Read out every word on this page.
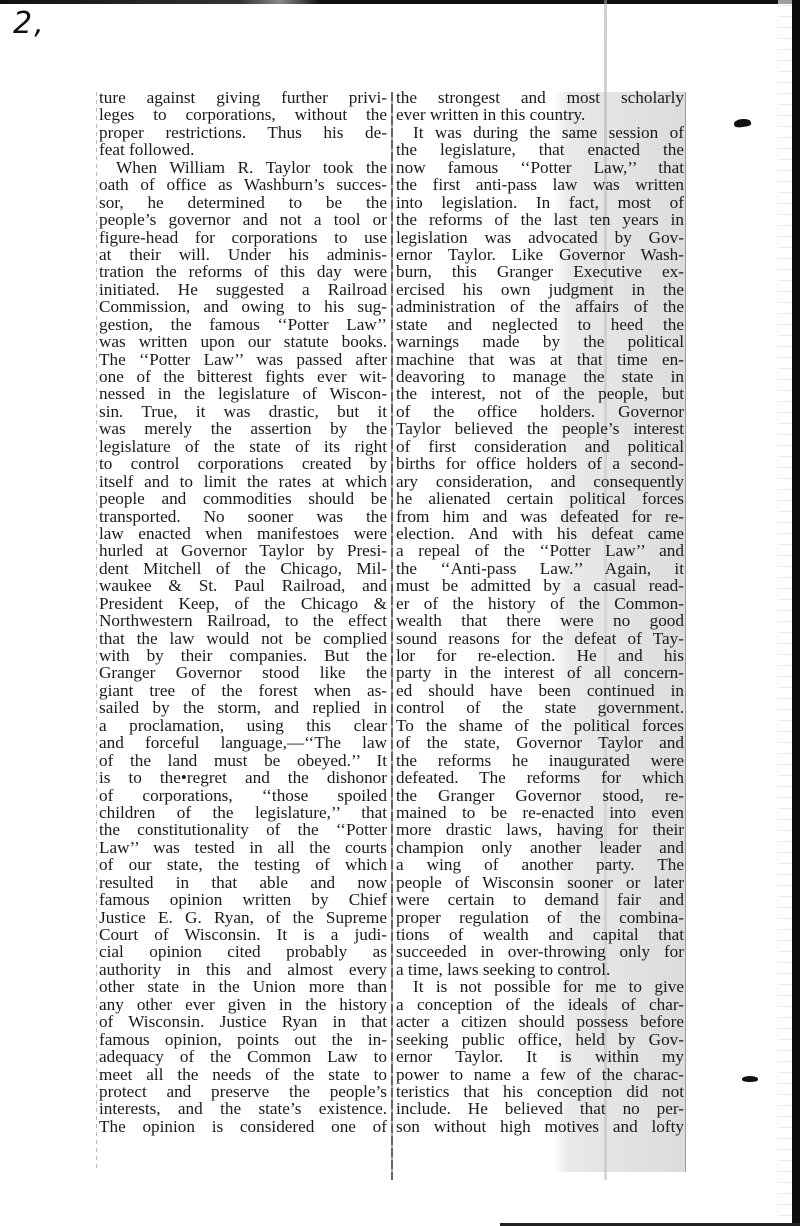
2,
ture against giving further privi-
leges to corporations, without the
proper restrictions. Thus his de-
feat followed.
When William R. Taylor took the
oath of office as Washburn’s succes-
sor, he determined to be the
people’s governor and not a tool or
figure-head for corporations to use
at their will. Under his adminis-
tration the reforms of this day were
initiated. He suggested a Railroad
Commission, and owing to his sug-
gestion, the famous ‘‘Potter Law’’
was written upon our statute books.
The ‘‘Potter Law’’ was passed after
one of the bitterest fights ever wit-
nessed in the legislature of Wiscon-
sin. True, it was drastic, but it
was merely the assertion by the
legislature of the state of its right
to control corporations created by
itself and to limit the rates at which
people and commodities should be
transported. No sooner was the
law enacted when manifestoes were
hurled at Governor Taylor by Presi-
dent Mitchell of the Chicago, Mil-
waukee & St. Paul Railroad, and
President Keep, of the Chicago &
Northwestern Railroad, to the effect
that the law would not be complied
with by their companies. But the
Granger Governor stood like the
giant tree of the forest when as-
sailed by the storm, and replied in
a proclamation, using this clear
and forceful language,—‘‘The law
of the land must be obeyed.’’ It
is to the•regret and the dishonor
of corporations, ‘‘those spoiled
children of the legislature,’’ that
the constitutionality of the ‘‘Potter
Law’’ was tested in all the courts
of our state, the testing of which
resulted in that able and now
famous opinion written by Chief
Justice E. G. Ryan, of the Supreme
Court of Wisconsin. It is a judi-
cial opinion cited probably as
authority in this and almost every
other state in the Union more than
any other ever given in the history
of Wisconsin. Justice Ryan in that
famous opinion, points out the in-
adequacy of the Common Law to
meet all the needs of the state to
protect and preserve the people’s
interests, and the state’s existence.
The opinion is considered one of
the strongest and most scholarly
ever written in this country.
It was during the same session of
the legislature, that enacted the
now famous ‘‘Potter Law,’’ that
the first anti-pass law was written
into legislation. In fact, most of
the reforms of the last ten years in
legislation was advocated by Gov-
ernor Taylor. Like Governor Wash-
burn, this Granger Executive ex-
ercised his own judgment in the
administration of the affairs of the
state and neglected to heed the
warnings made by the political
machine that was at that time en-
deavoring to manage the state in
the interest, not of the people, but
of the office holders. Governor
Taylor believed the people’s interest
of first consideration and political
births for office holders of a second-
ary consideration, and consequently
he alienated certain political forces
from him and was defeated for re-
election. And with his defeat came
a repeal of the ‘‘Potter Law’’ and
the ‘‘Anti-pass Law.’’ Again, it
must be admitted by a casual read-
er of the history of the Common-
wealth that there were no good
sound reasons for the defeat of Tay-
lor for re-election. He and his
party in the interest of all concern-
ed should have been continued in
control of the state government.
To the shame of the political forces
of the state, Governor Taylor and
the reforms he inaugurated were
defeated. The reforms for which
the Granger Governor stood, re-
mained to be re-enacted into even
more drastic laws, having for their
champion only another leader and
a wing of another party. The
people of Wisconsin sooner or later
were certain to demand fair and
proper regulation of the combina-
tions of wealth and capital that
succeeded in over-throwing only for
a time, laws seeking to control.
It is not possible for me to give
a conception of the ideals of char-
acter a citizen should possess before
seeking public office, held by Gov-
ernor Taylor. It is within my
power to name a few of the charac-
teristics that his conception did not
include. He believed that no per-
son without high motives and lofty
